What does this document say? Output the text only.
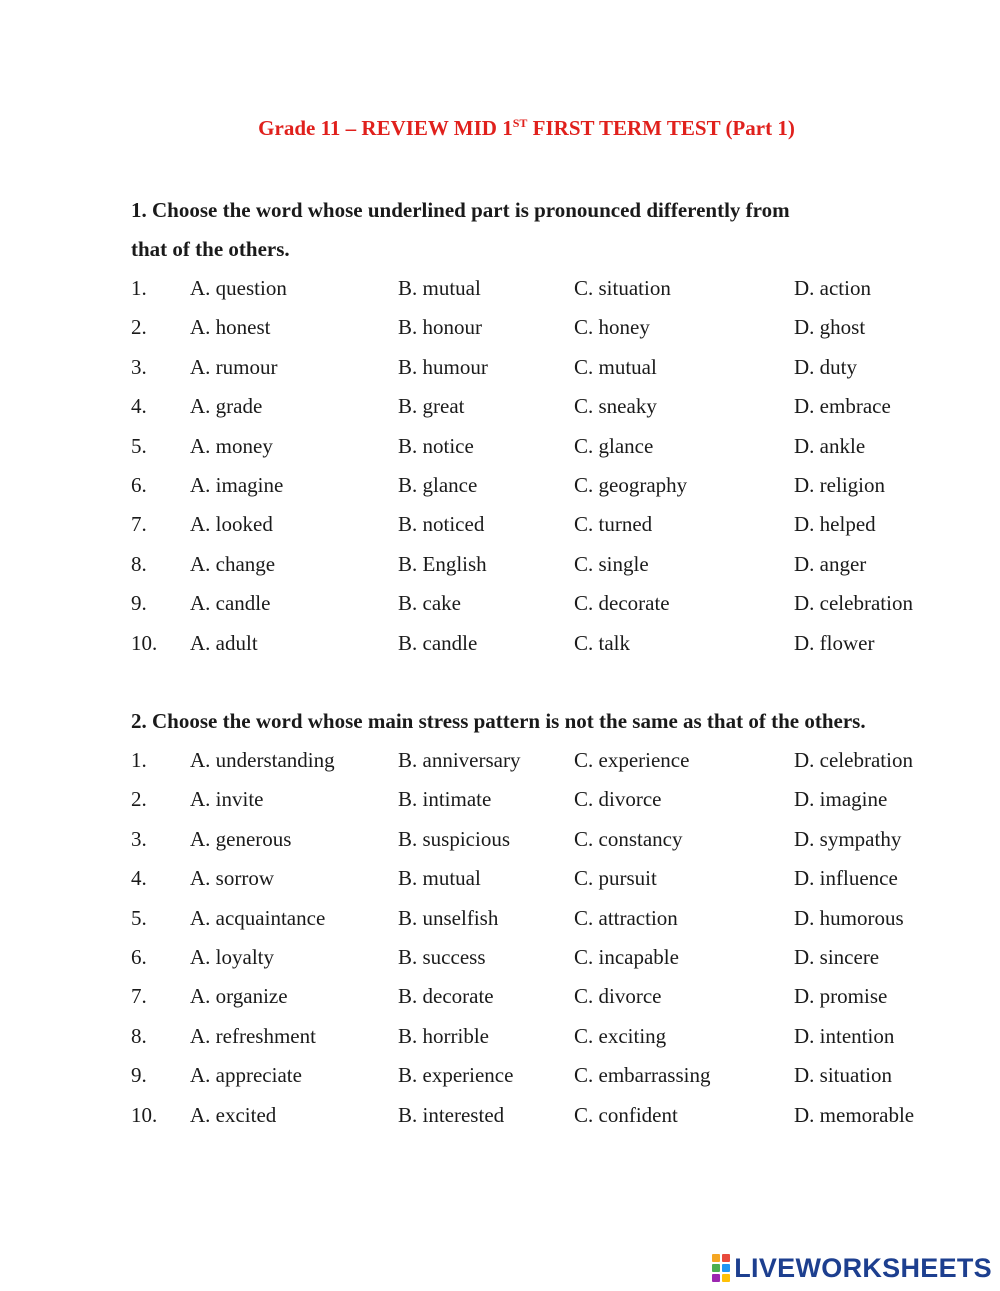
Grade 11 – REVIEW MID 1ST FIRST TERM TEST (Part 1)
1. Choose the word whose underlined part is pronounced differently from
that of the others.
1. A. question	B. mutual	C. situation	D. action
2. A. honest	B. honour	C. honey	D. ghost
3. A. rumour	B. humour	C. mutual	D. duty
4. A. grade	B. great	C. sneaky	D. embrace
5. A. money	B. notice	C. glance	D. ankle
6. A. imagine	B. glance	C. geography	D. religion
7. A. looked	B. noticed	C. turned	D. helped
8. A. change	B. English	C. single	D. anger
9. A. candle	B. cake	C. decorate	D. celebration
10. A. adult	B. candle	C. talk	D. flower
2. Choose the word whose main stress pattern is not the same as that of the others.
1. A. understanding	B. anniversary	C. experience	D. celebration
2. A. invite	B. intimate	C. divorce	D. imagine
3. A. generous	B. suspicious	C. constancy	D. sympathy
4. A. sorrow	B. mutual	C. pursuit	D. influence
5. A. acquaintance	B. unselfish	C. attraction	D. humorous
6. A. loyalty	B. success	C. incapable	D. sincere
7. A. organize	B. decorate	C. divorce	D. promise
8. A. refreshment	B. horrible	C. exciting	D. intention
9. A. appreciate	B. experience	C. embarrassing	D. situation
10. A. excited	B. interested	C. confident	D. memorable
LIVEWORKSHEETS
